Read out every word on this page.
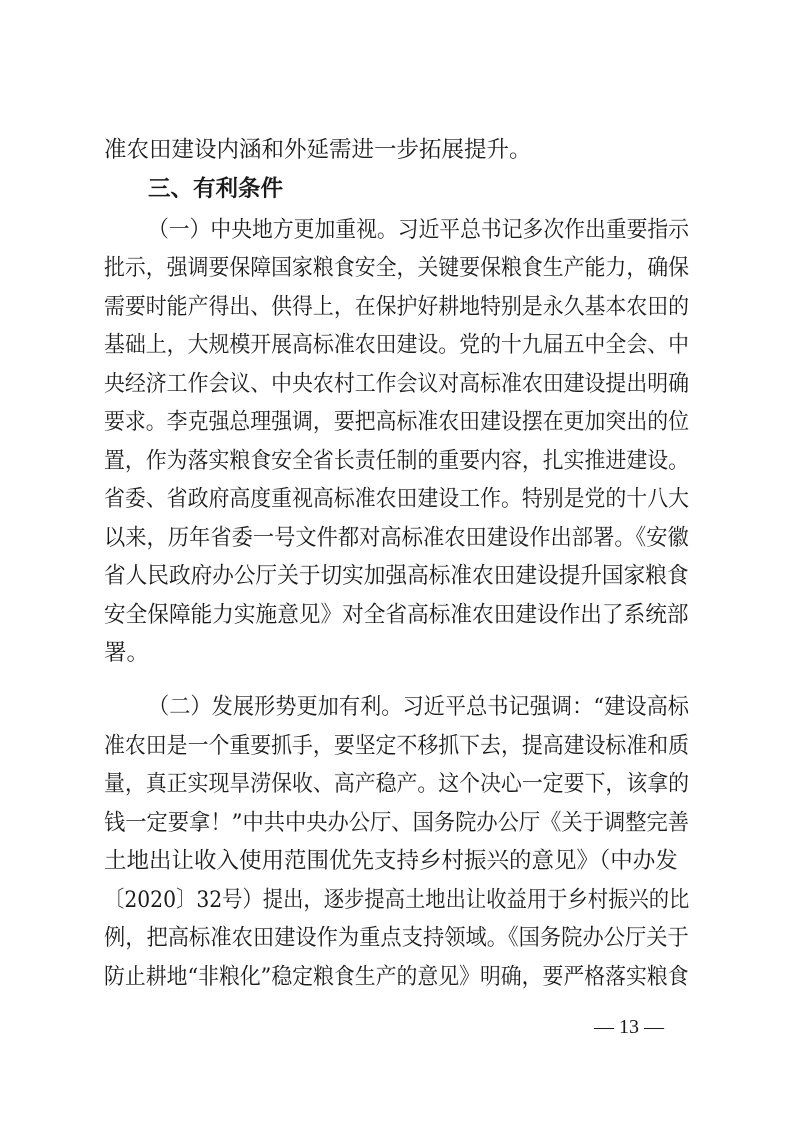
准农田建设内涵和外延需进一步拓展提升。
三、有利条件
（一）中央地方更加重视。习近平总书记多次作出重要指示
批示，强调要保障国家粮食安全，关键要保粮食生产能力，确保
需要时能产得出、供得上，在保护好耕地特别是永久基本农田的
基础上，大规模开展高标准农田建设。党的十九届五中全会、中
央经济工作会议、中央农村工作会议对高标准农田建设提出明确
要求。李克强总理强调，要把高标准农田建设摆在更加突出的位
置，作为落实粮食安全省长责任制的重要内容，扎实推进建设。
省委、省政府高度重视高标准农田建设工作。特别是党的十八大
以来，历年省委一号文件都对高标准农田建设作出部署。《安徽
省人民政府办公厅关于切实加强高标准农田建设提升国家粮食
安全保障能力实施意见》对全省高标准农田建设作出了系统部
署。
（二）发展形势更加有利。习近平总书记强调：“建设高标
准农田是一个重要抓手，要坚定不移抓下去，提高建设标准和质
量，真正实现旱涝保收、高产稳产。这个决心一定要下，该拿的
钱一定要拿！”中共中央办公厅、国务院办公厅《关于调整完善
土地出让收入使用范围优先支持乡村振兴的意见》（中办发
〔2020〕32号）提出，逐步提高土地出让收益用于乡村振兴的比
例，把高标准农田建设作为重点支持领域。《国务院办公厅关于
防止耕地“非粮化”稳定粮食生产的意见》明确，要严格落实粮食
— 13 —
